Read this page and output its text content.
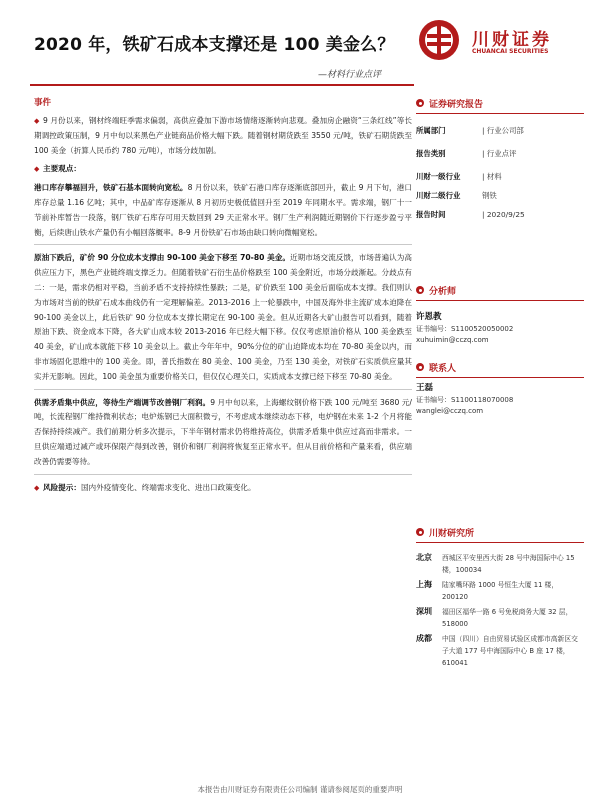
2020 年，铁矿石成本支撑还是 100 美金么？
—材料行业点评
川财证券
CHUANCAI SECURITIES
事件

◆ 9 月份以来，钢材终端旺季需求偏弱，高供应叠加下游市场情绪逐渐转向悲观。叠加房企融资“三条红线”等长期调控政策压制，9 月中旬以来黑色产业链商品价格大幅下跌。随着钢材期货跌至 3550 元/吨，铁矿石期货跌至 100 美金（折算人民币约 780 元/吨），市场分歧加剧。

◆ 主要观点：

港口库存攀福回升，铁矿石基本面转向宽松。8 月份以来，铁矿石港口库存逐渐底部回升，截止 9 月下旬，港口库存总量 1.16 亿吨；其中，中品矿库存逐渐从 8 月初历史极低值回升至 2019 年同期水平。需求端，钢厂十一节前补库暂告一段落，钢厂铁矿石库存可用天数回到 29 天正常水平。钢厂生产利润随近期钢价下行逐步盈亏平衡，后续唐山铁水产量仍有小幅回落概率。8-9 月份铁矿石市场由缺口转向微幅宽松。

原油下跌后，矿价 90 分位成本支撑由 90-100 美金下移至 70-80 美金。近期市场交流反馈，市场普遍认为高供应压力下，黑色产业链终端支撑乏力。但随着铁矿石衍生品价格跌至 100 美金附近，市场分歧渐起。分歧点有二：一是，需求仍相对平稳，当前矛盾不支持持续性暴跌；二是，矿价跌至 100 美金后面临成本支撑。我们则认为市场对当前的铁矿石成本曲线仍有一定理解偏差。2013-2016 上一轮暴跌中，中国及海外非主流矿成本迫降在 90-100 美金以上，此后铁矿 90 分位成本支撑长期定在 90-100 美金。但从近期各大矿山报告可以看到，随着原油下跌、资金成本下降，各大矿山成本较 2013-2016 年已经大幅下移。仅仅考虑原油价格从 100 美金跌至 40 美金，矿山成本就能下移 10 美金以上。截止今年年中，90%分位的矿山迫降成本均在 70-80 美金以内，而非市场固化思维中的 100 美金。即，普氏指数在 80 美金、100 美金，乃至 130 美金，对铁矿石实质供应量其实并无影响。因此，100 美金虽为重要价格关口，但仅仅心理关口，实质成本支撑已经下移至 70-80 美金。

供需矛盾集中供应，等待生产端调节改善钢厂利润。9 月中旬以来，上海螺纹钢价格下跌 100 元/吨至 3680 元/吨，长流程钢厂维持微利状态；电炉炼钢已大面积微亏，不考虑成本继续动态下移，电炉钢在未来 1-2 个月将能否保持持续减产。我们前期分析多次提示，下半年钢材需求仍将维持高位，供需矛盾集中供应过高而非需求。一旦供应端通过减产或环保限产得到改善，钢价和钢厂利润将恢复至正常水平。但从目前价格和产量来看，供应端改善仍需要等待。

◆ 风险提示：国内外疫情变化、终端需求变化、进出口政策变化。

证券研究报告
所属部门	| 行业公司部
报告类别	| 行业点评
川财一级行业	| 材料
川财二级行业	钢铁
报告时间	| 2020/9/25
分析师
许恩教
证书编号：S1100520050002
xuhuimin@cczq.com
联系人
王磊
证书编号：S1100118070008
wanglei@cczq.com
川财研究所
北京	西城区平安里西大街 28 号中海国际中心 15 楼，100034
上海	陆家嘴环路 1000 号恒生大厦 11 楼，200120
深圳	福田区福华一路 6 号免税商务大厦 32 层，518000
成都	中国（四川）自由贸易试验区成都市高新区交子大道 177 号中海国际中心 B 座 17 楼，610041
本报告由川财证券有限责任公司编制 谨请参阅尾页的重要声明
